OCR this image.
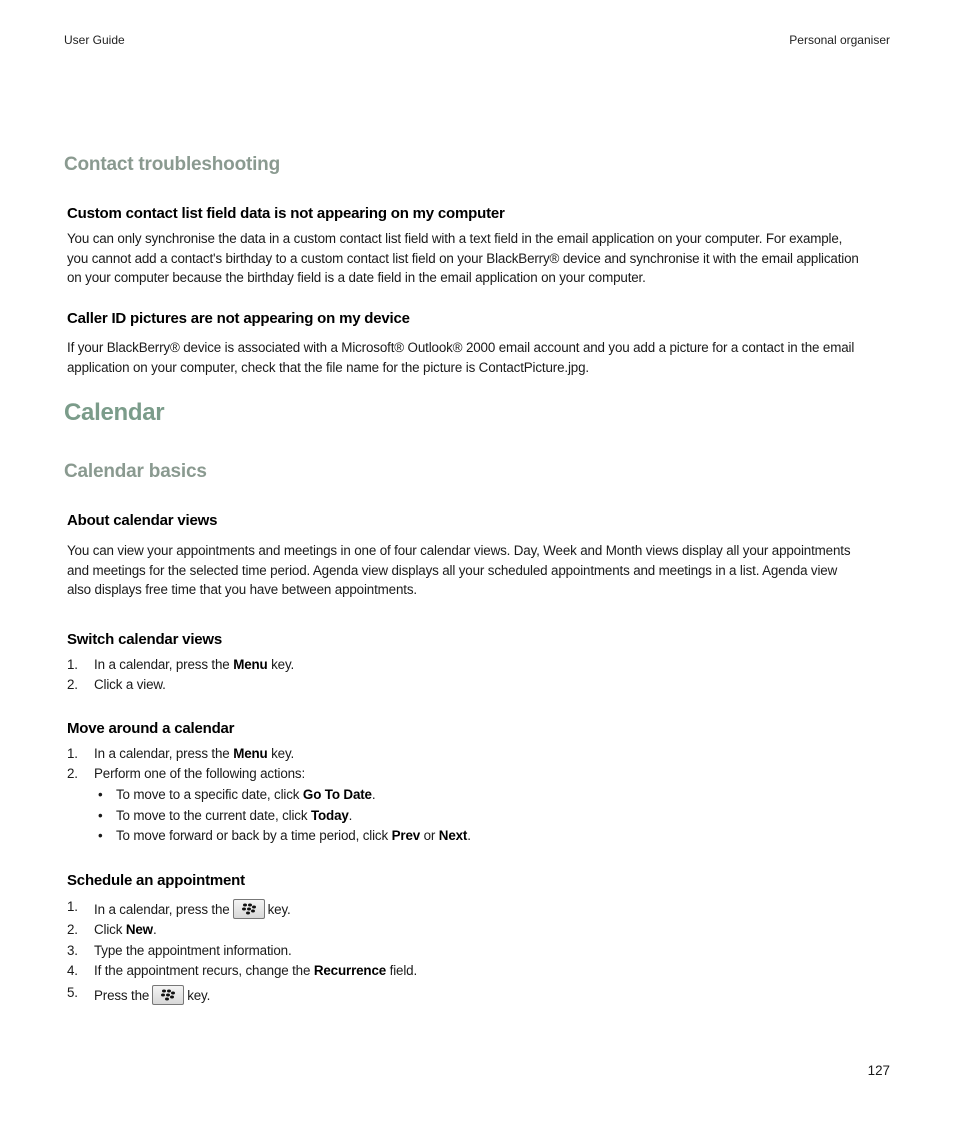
User Guide	Personal organiser
Contact troubleshooting
Custom contact list field data is not appearing on my computer
You can only synchronise the data in a custom contact list field with a text field in the email application on your computer. For example,
you cannot add a contact's birthday to a custom contact list field on your BlackBerry® device and synchronise it with the email application
on your computer because the birthday field is a date field in the email application on your computer.
Caller ID pictures are not appearing on my device
If your BlackBerry® device is associated with a Microsoft® Outlook® 2000 email account and you add a picture for a contact in the email
application on your computer, check that the file name for the picture is ContactPicture.jpg.
Calendar
Calendar basics
About calendar views
You can view your appointments and meetings in one of four calendar views. Day, Week and Month views display all your appointments
and meetings for the selected time period. Agenda view displays all your scheduled appointments and meetings in a list. Agenda view
also displays free time that you have between appointments.
Switch calendar views
1. In a calendar, press the Menu key.
2. Click a view.
Move around a calendar
1. In a calendar, press the Menu key.
2. Perform one of the following actions:
• To move to a specific date, click Go To Date.
• To move to the current date, click Today.
• To move forward or back by a time period, click Prev or Next.
Schedule an appointment
1. In a calendar, press the	key.
2. Click New.
3. Type the appointment information.
4. If the appointment recurs, change the Recurrence field.
5. Press the	key.
127
